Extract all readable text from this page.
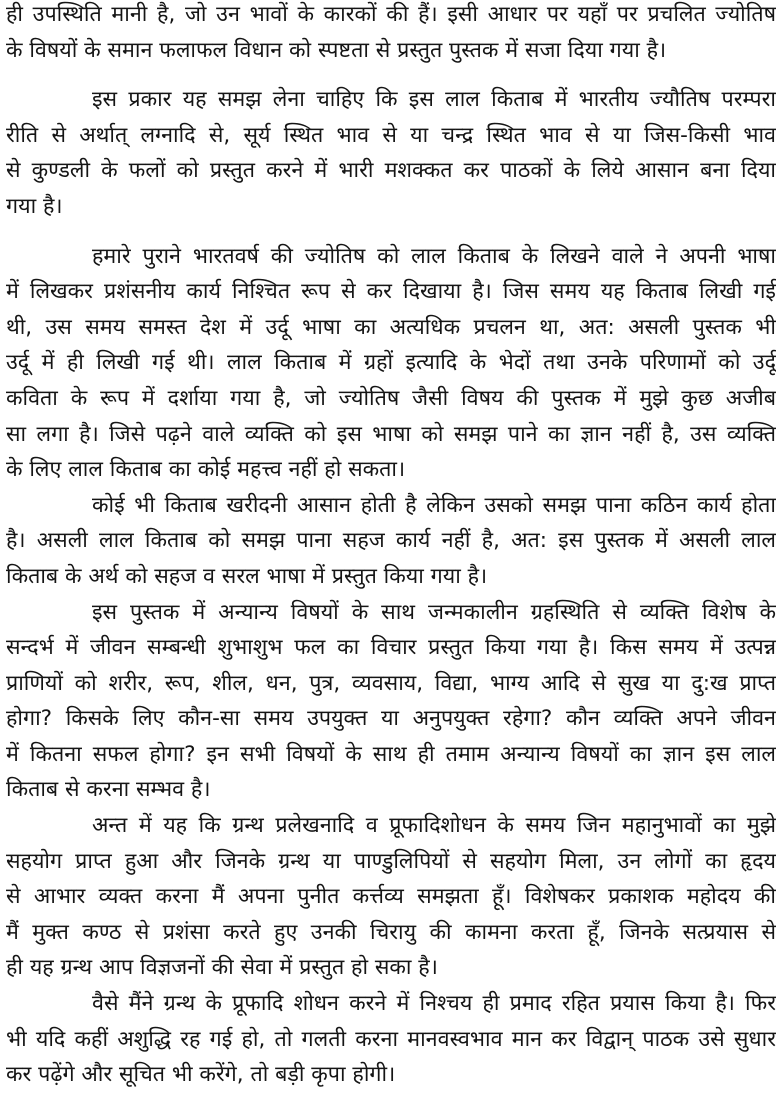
ही उपस्थिति मानी है, जो उन भावों के कारकों की हैं। इसी आधार पर यहाँ पर प्रचलित ज्योतिष
के विषयों के समान फलाफल विधान को स्पष्टता से प्रस्तुत पुस्तक में सजा दिया गया है।
इस प्रकार यह समझ लेना चाहिए कि इस लाल किताब में भारतीय ज्यौतिष परम्परा
रीति से अर्थात् लग्नादि से, सूर्य स्थित भाव से या चन्द्र स्थित भाव से या जिस-किसी भाव
से कुण्डली के फलों को प्रस्तुत करने में भारी मशक्कत कर पाठकों के लिये आसान बना दिया
गया है।
हमारे पुराने भारतवर्ष की ज्योतिष को लाल किताब के लिखने वाले ने अपनी भाषा
में लिखकर प्रशंसनीय कार्य निश्चित रूप से कर दिखाया है। जिस समय यह किताब लिखी गई
थी, उस समय समस्त देश में उर्दू भाषा का अत्यधिक प्रचलन था, अत: असली पुस्तक भी
उर्दू में ही लिखी गई थी। लाल किताब में ग्रहों इत्यादि के भेदों तथा उनके परिणामों को उर्दू
कविता के रूप में दर्शाया गया है, जो ज्योतिष जैसी विषय की पुस्तक में मुझे कुछ अजीब
सा लगा है। जिसे पढ़ने वाले व्यक्ति को इस भाषा को समझ पाने का ज्ञान नहीं है, उस व्यक्ति
के लिए लाल किताब का कोई महत्त्व नहीं हो सकता।
कोई भी किताब खरीदनी आसान होती है लेकिन उसको समझ पाना कठिन कार्य होता
है। असली लाल किताब को समझ पाना सहज कार्य नहीं है, अत: इस पुस्तक में असली लाल
किताब के अर्थ को सहज व सरल भाषा में प्रस्तुत किया गया है।
इस पुस्तक में अन्यान्य विषयों के साथ जन्मकालीन ग्रहस्थिति से व्यक्ति विशेष के
सन्दर्भ में जीवन सम्बन्धी शुभाशुभ फल का विचार प्रस्तुत किया गया है। किस समय में उत्पन्न
प्राणियों को शरीर, रूप, शील, धन, पुत्र, व्यवसाय, विद्या, भाग्य आदि से सुख या दु:ख प्राप्त
होगा? किसके लिए कौन-सा समय उपयुक्त या अनुपयुक्त रहेगा? कौन व्यक्ति अपने जीवन
में कितना सफल होगा? इन सभी विषयों के साथ ही तमाम अन्यान्य विषयों का ज्ञान इस लाल
किताब से करना सम्भव है।
अन्त में यह कि ग्रन्थ प्रलेखनादि व प्रूफादिशोधन के समय जिन महानुभावों का मुझे
सहयोग प्राप्त हुआ और जिनके ग्रन्थ या पाण्डुलिपियों से सहयोग मिला, उन लोगों का हृदय
से आभार व्यक्त करना मैं अपना पुनीत कर्त्तव्य समझता हूँ। विशेषकर प्रकाशक महोदय की
मैं मुक्त कण्ठ से प्रशंसा करते हुए उनकी चिरायु की कामना करता हूँ, जिनके सत्प्रयास से
ही यह ग्रन्थ आप विज्ञजनों की सेवा में प्रस्तुत हो सका है।
वैसे मैंने ग्रन्थ के प्रूफादि शोधन करने में निश्चय ही प्रमाद रहित प्रयास किया है। फिर
भी यदि कहीं अशुद्धि रह गई हो, तो गलती करना मानवस्वभाव मान कर विद्वान् पाठक उसे सुधार
कर पढ़ेंगे और सूचित भी करेंगे, तो बड़ी कृपा होगी।
